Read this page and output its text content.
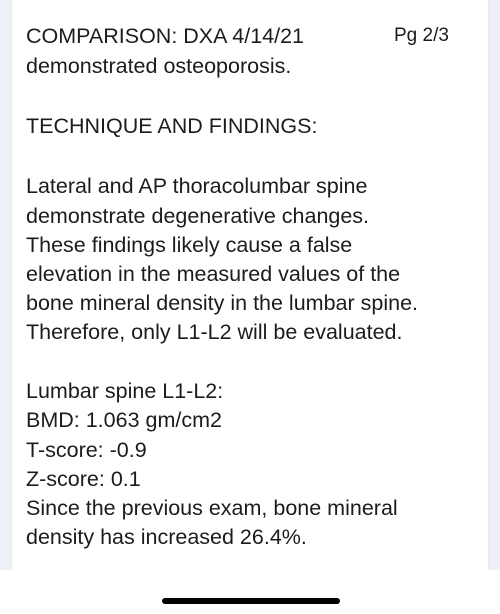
Pg 2/3
COMPARISON: DXA 4/14/21
demonstrated osteoporosis.
TECHNIQUE AND FINDINGS:
Lateral and AP thoracolumbar spine
demonstrate degenerative changes.
These findings likely cause a false
elevation in the measured values of the
bone mineral density in the lumbar spine.
Therefore, only L1-L2 will be evaluated.
Lumbar spine L1-L2:
BMD: 1.063 gm/cm2
T-score: -0.9
Z-score: 0.1
Since the previous exam, bone mineral
density has increased 26.4%.
